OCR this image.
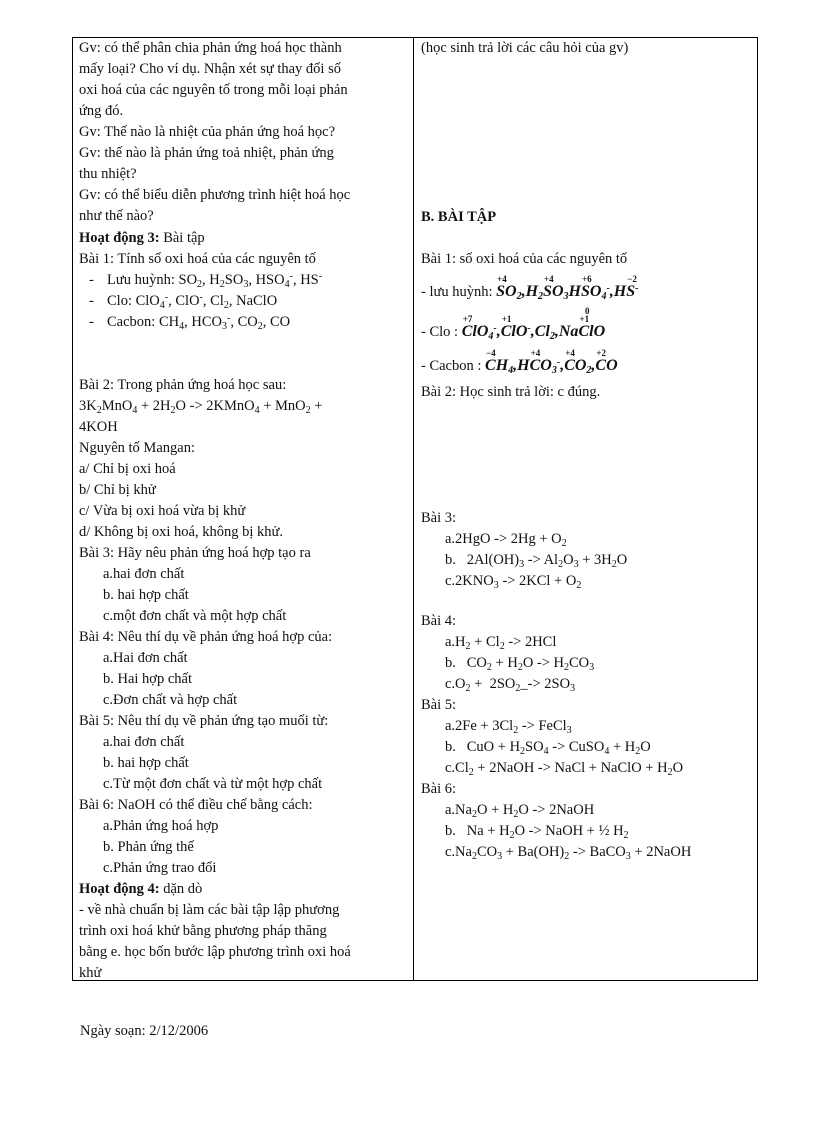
Gv: có thể phân chia phản ứng hoá học thành
mấy loại? Cho ví dụ. Nhận xét sự thay đổi số
oxi hoá của các nguyên tố trong mỗi loại phản
ứng đó.
Gv: Thế nào là nhiệt của phản ứng hoá học?
Gv: thế nào là phản ứng toả nhiệt, phản ứng
thu nhiệt?
Gv: có thể biểu diễn phương trình hiệt hoá học
như thế nào?
Hoạt động 3: Bài tập
Bài 1: Tính số oxi hoá của các nguyên tố
- Lưu huỳnh: $SO_2$, $H_2SO_3$, $HSO_4^-$, HS-
- Clo: ClO$_4$-, ClO-, $Cl_2$, NaClO
- Cacbon: $CH_4$, $HCO_3^-$, $CO_2$, CO
Bài 2: Trong phản ứng hoá học sau:
$3K_2MnO_4 + 2H_2O$ -> 2KMnO$_4$ + MnO$_2$ +
4KOH
Nguyên tố Mangan:
a/ Chỉ bị oxi hoá
b/ Chỉ bị khử
c/ Vừa bị oxi hoá vừa bị khử
d/ Không bị oxi hoá, không bị khử.
Bài 3: Hãy nêu phản ứng hoá hợp tạo ra
a.hai đơn chất
b. hai hợp chất
c.một đơn chất và một hợp chất
Bài 4: Nêu thí dụ về phản ứng hoá hợp của:
a.Hai đơn chất
b. Hai hợp chất
c.Đơn chất và hợp chất
Bài 5: Nêu thí dụ về phản ứng tạo muối từ:
a.hai đơn chất
b. hai hợp chất
c.Từ một đơn chất và từ một hợp chất
Bài 6: NaOH có thể điều chế bằng cách:
a.Phản ứng hoá hợp
b. Phản ứng thế
c.Phản ứng trao đổi
Hoạt động 4: dặn dò
- về nhà chuẩn bị làm các bài tập lập phương
trình oxi hoá khử bằng phương pháp thăng
bằng e. học bốn bước lập phương trình oxi hoá
khử
(học sinh trả lời các câu hỏi của gv)
B. BÀI TẬP
Bài 1: số oxi hoá của các nguyên tố
- lưu huỳnh:
+4
$SO_2,H_2$
+4
$SO_3H$
+6
0
$SO_4^-,H$
−2
S-
- Clo :
+7
ClO$_4$-,
+1
$ClO^-,Cl_2,Na$
+1
ClO
- Cacbon :
−4
$CH_4,H$
+4
$CO_3^-$,
+4
$CO_2$,
+2
CO
Bài 2: Học sinh trả lời: c đúng.
Bài 3:
$a.2HgO -> 2Hg + O_2$
b.   $2Al(OH)_3 -> Al_2O_3 + 3H_2O$
$c.2KNO_3 -> 2KCl + O_2$
Bài 4:
$a.H_2 + Cl_2 -> 2HCl$
b.   $CO_2 + H_2O -> H_2CO_3$
$c.O_2$ +  $2SO_2\_-> 2SO_3$
Bài 5:
$a.2Fe + 3Cl_2$ -> FeCl$_3$
b.   CuO + $H_2SO_4$ -> CuSO$_4$ + $H_2O$
$c.Cl_2$ + 2NaOH -> NaCl + NaClO + $H_2O$
Bài 6:
$a.Na_2O + H_2O$ -> 2NaOH
b.   $Na + H_2O$ -> NaOH + ½ $H_2$
$c.Na_2CO_3 + Ba(OH)_2$ -> BaCO$_3$ + 2NaOH
Ngày soạn: 2/12/2006
